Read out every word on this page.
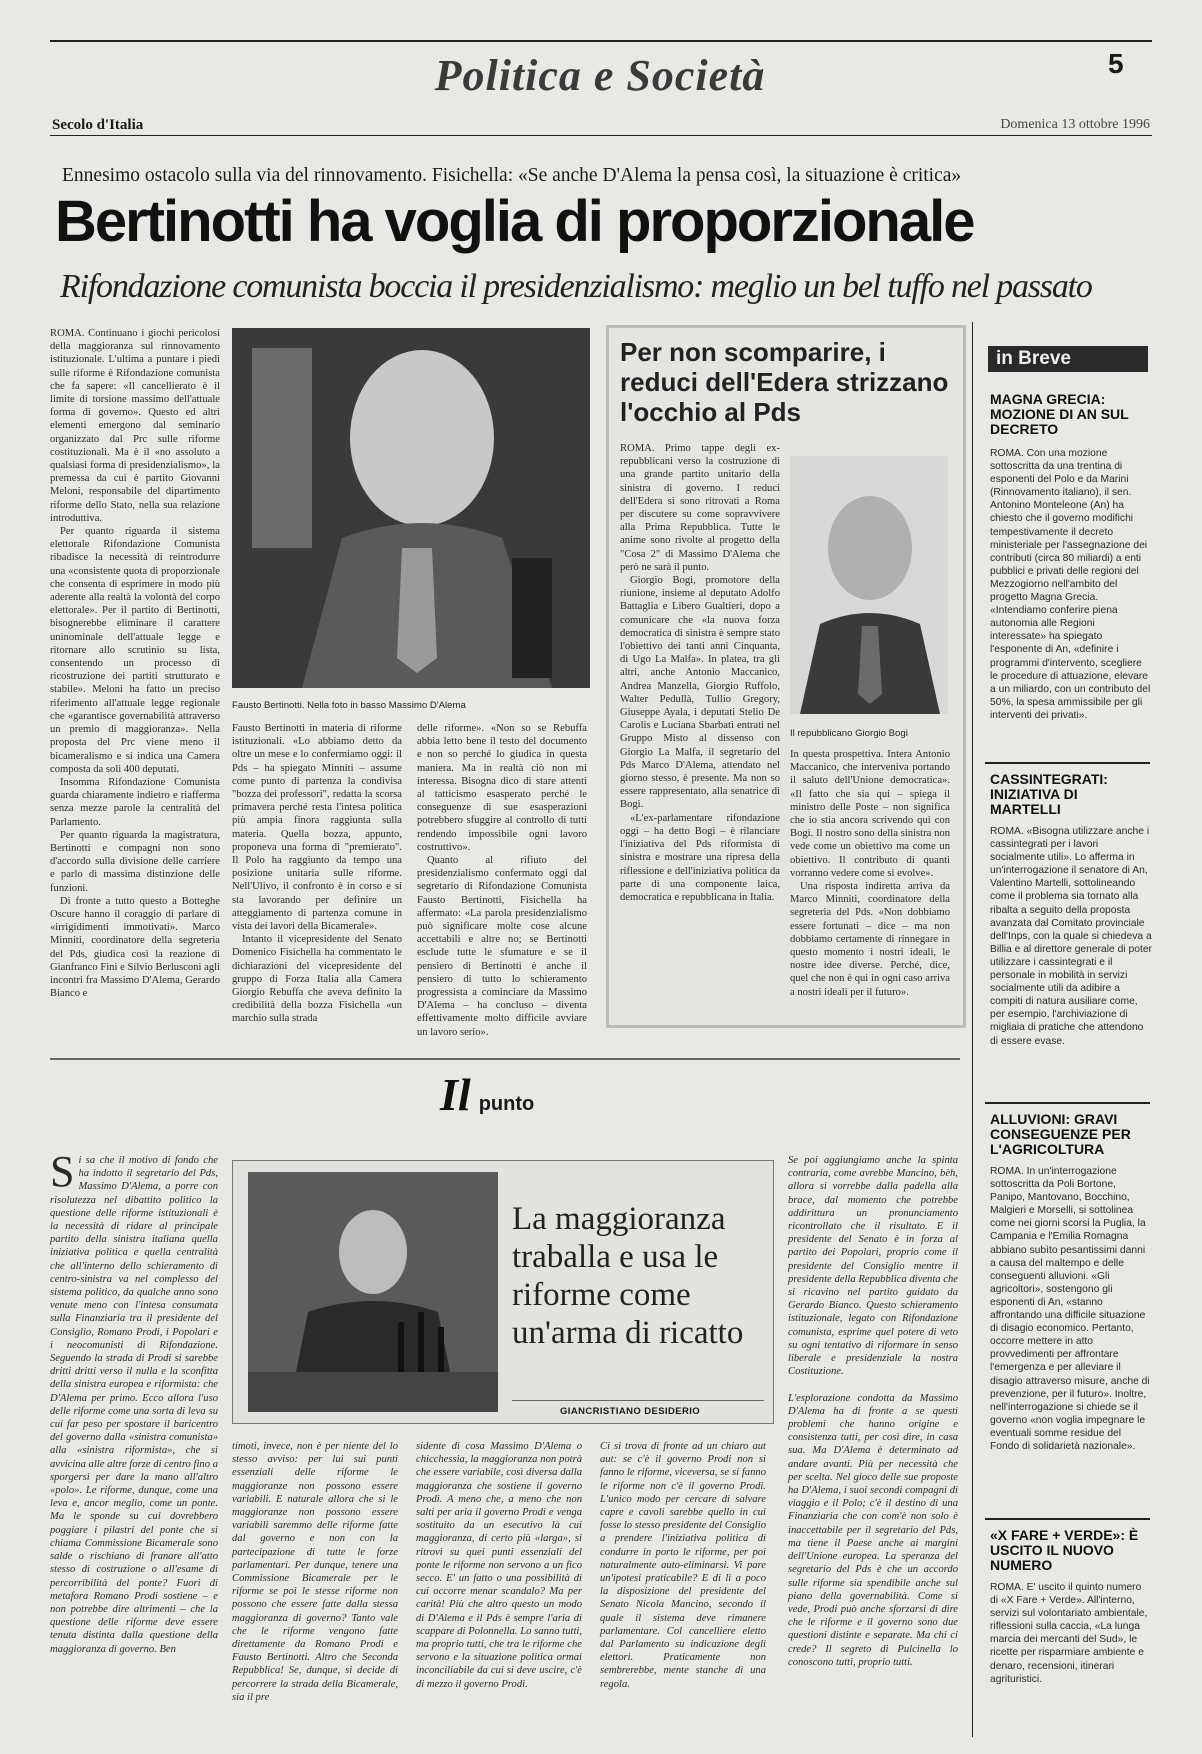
Politica e Società	5
Secolo d'Italia	Domenica 13 ottobre 1996
Ennesimo ostacolo sulla via del rinnovamento. Fisichella: «Se anche D'Alema la pensa così, la situazione è critica»
Bertinotti ha voglia di proporzionale
Rifondazione comunista boccia il presidenzialismo: meglio un bel tuffo nel passato

ROMA. Continuano i giochi pericolosi della maggioranza sul rinnovamento istituzionale. L'ultima a puntare i piedi sulle riforme è Rifondazione comunista che fa sapere: «Il cancellierato è il limite di torsione massimo dell'attuale forma di governo». Questo ed altri elementi emergono dal seminario organizzato dal Prc sulle riforme costituzionali. Ma è il «no assoluto a qualsiasi forma di presidenzialismo», la premessa da cui è partito Giovanni Meloni, responsabile del dipartimento riforme dello Stato, nella sua relazione introduttiva.

Per quanto riguarda il sistema elettorale Rifondazione Comunista ribadisce la necessità di reintrodurre una «consistente quota di proporzionale che consenta di esprimere in modo più aderente alla realtà la volontà del corpo elettorale». Per il partito di Bertinotti, bisognerebbe eliminare il carattere uninominale dell'attuale legge e ritornare allo scrutinio su lista, consentendo un processo di ricostruzione dei partiti strutturato e stabile». Meloni ha fatto un preciso riferimento all'attuale legge regionale che «garantisce governabilità attraverso un premio di maggioranza». Nella proposta del Prc viene meno il bicameralismo e si indica una Camera composta da soli 400 deputati.

Insomma Rifondazione Comunista guarda chiaramente indietro e riafferma senza mezze parole la centralità del Parlamento.

Per quanto riguarda la magistratura, Bertinotti e compagni non sono d'accordo sulla divisione delle carriere e parlo di massima distinzione delle funzioni.

Di fronte a tutto questo a Botteghe Oscure hanno il coraggio di parlare di «irrigidimenti immotivati». Marco Minniti, coordinatore della segreteria del Pds, giudica così la reazione di Gianfranco Fini e Silvio Berlusconi agli incontri fra Massimo D'Alema, Gerardo Bianco e

Fausto Bertinotti. Nella foto in basso Massimo D'Alema

Fausto Bertinotti in materia di riforme istituzionali. «Lo abbiamo detto da oltre un mese e lo confermiamo oggi: il Pds – ha spiegato Minniti – assume come punto di partenza la condivisa "bozza dei professori", redatta la scorsa primavera perché resta l'intesa politica più ampia finora raggiunta sulla materia. Quella bozza, appunto, proponeva una forma di "premierato". Il Polo ha raggiunto da tempo una posizione unitaria sulle riforme. Nell'Ulivo, il confronto è in corso e si sta lavorando per definire un atteggiamento di partenza comune in vista dei lavori della Bicamerale».

Intanto il vicepresidente del Senato Domenico Fisichella ha commentato le dichiarazioni del vicepresidente del gruppo di Forza Italia alla Camera Giorgio Rebuffa che aveva definito la credibilità della bozza Fisichella «un marchio sulla strada

delle riforme». «Non so se Rebuffa abbia letto bene il testo del documento e non so perché lo giudica in questa maniera. Ma in realtà ciò non mi interessa. Bisogna dico di stare attenti al tatticismo esasperato perché le conseguenze di sue esasperazioni potrebbero sfuggire al controllo di tutti rendendo impossibile ogni lavoro costruttivo».

Quanto al rifiuto del presidenzialismo confermato oggi dal segretario di Rifondazione Comunista Fausto Bertinotti, Fisichella ha affermato: «La parola presidenzialismo può significare molte cose alcune accettabili e altre no; se Bertinotti esclude tutte le sfumature e se il pensiero di Bertinotti è anche il pensiero di tutto lo schieramento progressista a cominciare da Massimo D'Alema – ha concluso – diventa effettivamente molto difficile avviare un lavoro serio».

Per non scomparire, i reduci dell'Edera strizzano l'occhio al Pds

ROMA. Primo tappe degli ex-repubblicani verso la costruzione di una grande partito unitario della sinistra di governo. I reduci dell'Edera si sono ritrovati a Roma per discutere su come sopravvivere alla Prima Repubblica. Tutte le anime sono rivolte al progetto della "Cosa 2" di Massimo D'Alema che però ne sarà il punto.

Giorgio Bogi, promotore della riunione, insieme al deputato Adolfo Battaglia e Libero Gualtieri, dopo a comunicare che «la nuova forza democratica di sinistra è sempre stato l'obiettivo dei tanti anni Cinquanta, di Ugo La Malfa». In platea, tra gli altri, anche Antonio Maccanico, Andrea Manzella, Giorgio Ruffolo, Walter Pedullà, Tullio Gregory, Giuseppe Ayala, i deputati Stelio De Carolis e Luciana Sbarbati entrati nel Gruppo Misto al dissenso con Giorgio La Malfa, il segretario del Pds Marco D'Alema, attendato nel giorno stesso, è presente. Ma non so essere rappresentato, alla senatrice di Bogi.

«L'ex-parlamentare rifondazione oggi – ha detto Bogi – è rilanciare l'iniziativa del Pds riformista di sinistra e mostrare una ripresa della riflessione e dell'iniziativa politica da parte di una componente laica, democratica e repubblicana in Italia.

Il repubblicano Giorgio Bogi

In questa prospettiva. Intera Antonio Maccanico, che interveniva portando il saluto dell'Unione democratica». «Il fatto che sia qui – spiega il ministro delle Poste – non significa che io stia ancora scrivendo qui con Bogi. Il nostro sono della sinistra non vede come un obiettivo ma come un obiettivo. Il contributo di quanti vorranno vedere come si evolve».

Una risposta indiretta arriva da Marco Minniti, coordinatore della segreteria del Pds. «Non dobbiamo essere fortunati – dice – ma non dobbiamo certamente di rinnegare in questo momento i nostri ideali, le nostre idee diverse. Perché, dice, quel che non è qui in ogni caso arriva a nostri ideali per il futuro».

in Breve
MAGNA GRECIA: MOZIONE DI AN SUL DECRETO
ROMA. Con una mozione sottoscritta da una trentina di esponenti del Polo e da Marini (Rinnovamento italiano), il sen. Antonino Monteleone (An) ha chiesto che il governo modifichi tempestivamente il decreto ministeriale per l'assegnazione dei contributi (circa 80 miliardi) a enti pubblici e privati delle regioni del Mezzogiorno nell'ambito del progetto Magna Grecia. «Intendiamo conferire piena autonomia alle Regioni interessate» ha spiegato l'esponente di An, «definire i programmi d'intervento, scegliere le procedure di attuazione, elevare a un miliardo, con un contributo del 50%, la spesa ammissibile per gli interventi dei privati».
CASSINTEGRATI: INIZIATIVA DI MARTELLI
ROMA. «Bisogna utilizzare anche i cassintegrati per i lavori socialmente utili». Lo afferma in un'interrogazione il senatore di An, Valentino Martelli, sottolineando come il problema sia tornato alla ribalta a seguito della proposta avanzata dal Comitato provinciale dell'Inps, con la quale si chiedeva a Billia e al direttore generale di poter utilizzare i cassintegrati e il personale in mobilità in servizi socialmente utili da adibire a compiti di natura ausiliare come, per esempio, l'archiviazione di migliaia di pratiche che attendono di essere evase.
ALLUVIONI: GRAVI CONSEGUENZE PER L'AGRICOLTURA
ROMA. In un'interrogazione sottoscritta da Poli Bortone, Panipo, Mantovano, Bocchino, Malgieri e Morselli, si sottolinea come nei giorni scorsi la Puglia, la Campania e l'Emilia Romagna abbiano subìto pesantissimi danni a causa del maltempo e delle conseguenti alluvioni. «Gli agricoltori», sostengono gli esponenti di An, «stanno affrontando una difficile situazione di disagio economico. Pertanto, occorre mettere in atto provvedimenti per affrontare l'emergenza e per alleviare il disagio attraverso misure, anche di prevenzione, per il futuro». Inoltre, nell'interrogazione si chiede se il governo «non voglia impegnare le eventuali somme residue del Fondo di solidarietà nazionale».
«X FARE + VERDE»: È USCITO IL NUOVO NUMERO
ROMA. E' uscito il quinto numero di «X Fare + Verde». All'interno, servizi sul volontariato ambientale, riflessioni sulla caccia, «La lunga marcia dei mercanti del Sud», le ricette per risparmiare ambiente e denaro, recensioni, itinerari agrituristici.
Il punto
Si sa che il motivo di fondo che ha indotto il segretario del Pds, Massimo D'Alema, a porre con risolutezza nel dibattito politico la questione delle riforme istituzionali è la necessità di ridare al principale partito della sinistra italiana quella iniziativa politica e quella centralità che all'interno dello schieramento di centro-sinistra va nel complesso del sistema politico, da qualche anno sono venute meno con l'intesa consumata sulla Finanziaria tra il presidente del Consiglio, Romano Prodi, i Popolari e i neocomunisti di Rifondazione. Seguendo la strada di Prodi si sarebbe dritti dritti verso il nulla e la sconfitta della sinistra europea e riformista: che D'Alema per primo. Ecco allora l'uso delle riforme come una sorta di leva su cui far peso per spostare il baricentro del governo dalla «sinistra comunista» alla «sinistra riformista», che si avvicina alle altre forze di centro fino a sporgersi per dare la mano all'altro «polo». Le riforme, dunque, come una leva e, ancor meglio, come un ponte. Ma le sponde su cui dovrebbero poggiare i pilastri del ponte che si chiama Commissione Bicamerale sono salde o rischiano di franare all'atto stesso di costruzione o all'esame di percorribilità del ponte? Fuori di metafora Romano Prodi sostiene – e non potrebbe dire altrimenti – che la questione delle riforme deve essere tenuta distinta dalla questione della maggioranza di governo. Ben
La maggioranza traballa e usa le riforme come un'arma di ricatto
GIANCRISTIANO DESIDERIO
timoti, invece, non è per niente del lo stesso avviso: per lui sui punti essenziali delle riforme le maggioranze non possono essere variabili. E naturale allora che si le maggioranze non possono essere variabili saremmo delle riforme fatte dal governo e non con la partecipazione di tutte le forze parlamentari. Per dunque, tenere una Commissione Bicamerale per le riforme se poi le stesse riforme non possono che essere fatte dalla stessa maggioranza di governo? Tanto vale che le riforme vengono fatte direttamente da Romano Prodi e Fausto Bertinotti. Altro che Seconda Repubblica! Se, dunque, si decide di percorrere la strada della Bicamerale, sia il pre
sidente di cosa Massimo D'Alema o chicchessia, la maggioranza non potrà che essere variabile, così diversa dalla maggioranza che sostiene il governo Prodi. A meno che, a meno che non salti per aria il governo Prodi e venga sostituito da un esecutivo là cui maggioranza, di certo più «larga», si ritrovi su quei punti essenziali del ponte le riforme non servono a un fico secco. E' un fatto o una possibilità di cui occorre menar scandalo? Ma per carità! Più che altro questo un modo di D'Alema e il Pds è sempre l'aria di scappare di Polonnella. Lo sanno tutti, ma proprio tutti, che tra le riforme che servono e la situazione politica ormai inconciliabile da cui si deve uscire, c'è di mezzo il governo Prodi.
Ci si trova di fronte ad un chiaro aut aut: se c'è il governo Prodi non si fanno le riforme, viceversa, se si fanno le riforme non c'è il governo Prodi. L'unico modo per cercare di salvare capre e cavoli sarebbe quello in cui fosse lo stesso presidente del Consiglio a prendere l'iniziativa politica di condurre in porto le riforme, per poi naturalmente auto-eliminarsi. Vi pare un'ipotesi praticabile? E di lì a poco la disposizione del presidente del Senato Nicola Mancino, secondo il quale il sistema deve rimanere parlamentare. Col cancelliere eletto dal Parlamento su indicazione degli elettori. Praticamente non sembrerebbe, mente stanche di una regola.
Se poi aggiungiamo anche la spinta contraria, come avrebbe Mancino, bèh, allora si vorrebbe dalla padella alla brace, dal momento che potrebbe addirittura un pronunciamento ricontrollato che il risultato. E il presidente del Senato è in forza al partito dei Popolari, proprio come il presidente del Consiglio mentre il presidente della Repubblica diventa che si ricavino nel partito guidato da Gerardo Bianco. Questo schieramento istituzionale, legato con Rifondazione comunista, esprime quel potere di veto su ogni tentativo di riformare in senso liberale e presidenziale la nostra Costituzione.

L'esplorazione condotta da Massimo D'Alema ha di fronte a se questi problemi che hanno origine e consistenza tutti, per così dire, in casa sua. Ma D'Alema è determinato ad andare avanti. Più per necessità che per scelta. Nel gioco delle sue proposte ha D'Alema, i suoi secondi compagni di viaggio e il Polo; c'è il destino di una Finanziaria che con com'è non solo è inaccettabile per il segretario del Pds, ma tiene il Paese anche ai margini dell'Unione europea. La speranza del segretario del Pds è che un accordo sulle riforme sia spendibile anche sul piano della governabilità. Come si vede, Prodi può anche sforzarsi di dire che le riforme e il governo sono due questioni distinte e separate. Ma chi ci crede? Il segreto di Pulcinella lo conoscono tutti, proprio tutti.
